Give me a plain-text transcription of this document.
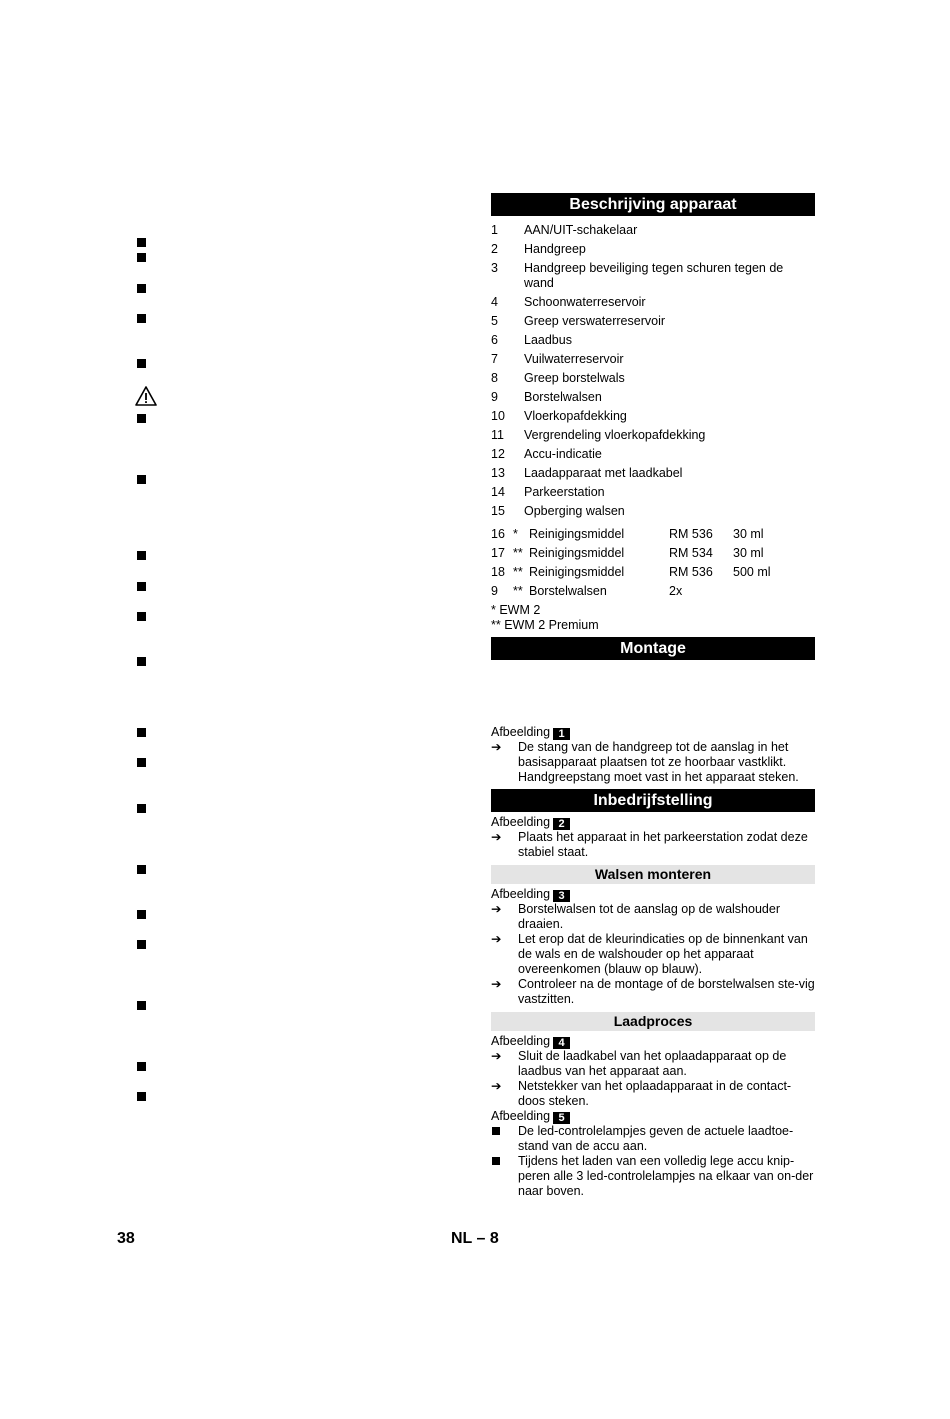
Beschrijving apparaat
1	AAN/UIT-schakelaar
2	Handgreep
3	Handgreep beveiliging tegen schuren tegen de wand
4	Schoonwaterreservoir
5	Greep verswaterreservoir
6	Laadbus
7	Vuilwaterreservoir
8	Greep borstelwals
9	Borstelwalsen
10	Vloerkopafdekking
11	Vergrendeling vloerkopafdekking
12	Accu-indicatie
13	Laadapparaat met laadkabel
14	Parkeerstation
15	Opberging walsen
16 * Reinigingsmiddel	RM 536	30 ml
17 ** Reinigingsmiddel	RM 534	30 ml
18 ** Reinigingsmiddel	RM 536	500 ml
9	** Borstelwalsen	2x
* EWM 2
** EWM 2 Premium
Montage
Afbeelding 1
➔	De stang van de handgreep tot de aanslag in het basisapparaat plaatsen tot ze hoorbaar vastklikt. Handgreepstang moet vast in het apparaat steken.
Inbedrijfstelling
Afbeelding 2
➔	Plaats het apparaat in het parkeerstation zodat deze stabiel staat.
Walsen monteren
Afbeelding 3
➔	Borstelwalsen tot de aanslag op de walshouder draaien.
➔	Let erop dat de kleurindicaties op de binnenkant van de wals en de walshouder op het apparaat overeenkomen (blauw op blauw).
➔	Controleer na de montage of de borstelwalsen ste-vig vastzitten.
Laadproces
Afbeelding 4
➔	Sluit de laadkabel van het oplaadapparaat op de laadbus van het apparaat aan.
➔	Netstekker van het oplaadapparaat in de contact-doos steken.
Afbeelding 5
De led-controlelampjes geven de actuele laadtoe-stand van de accu aan.
Tijdens het laden van een volledig lege accu knip-peren alle 3 led-controlelampjes na elkaar van on-der naar boven.
38	NL – 8
